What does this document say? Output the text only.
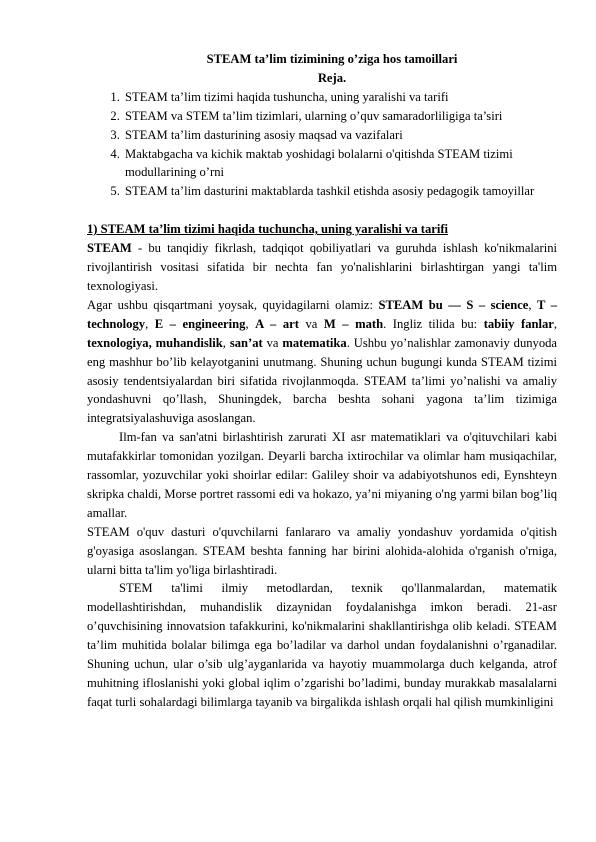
STEAM ta’lim tizimining o’ziga hos tamoillari
Reja.
1. STEAM ta’lim tizimi haqida tushuncha, uning yaralishi va tarifi
2. STEAM va STEM ta’lim tizimlari, ularning o’quv samaradorliligiga ta’siri
3. STEAM ta’lim dasturining asosiy maqsad va vazifalari
4. Maktabgacha va kichik maktab yoshidagi bolalarni o'qitishda STEAM tizimi modullarining o’rni
5. STEAM ta’lim dasturini maktablarda tashkil etishda asosiy pedagogik tamoyillar
1) STEAM ta’lim tizimi haqida tuchuncha, uning yaralishi va tarifi

STEAM - bu tanqidiy fikrlash, tadqiqot qobiliyatlari va guruhda ishlash ko'nikmalarini rivojlantirish vositasi sifatida bir nechta fan yo'nalishlarini birlashtirgan yangi ta'lim texnologiyasi.

Agar ushbu qisqartmani yoysak, quyidagilarni olamiz: STEAM bu — S – science, T – technology, E – engineering, A – art va M – math. Ingliz tilida bu: tabiiy fanlar, texnologiya, muhandislik, san’at va matematika. Ushbu yo’nalishlar zamonaviy dunyoda eng mashhur bo’lib kelayotganini unutmang. Shuning uchun bugungi kunda STEAM tizimi asosiy tendentsiyalardan biri sifatida rivojlanmoqda. STEAM ta’limi yo’nalishi va amaliy yondashuvni qo’llash, Shuningdek, barcha beshta sohani yagona ta’lim tizimiga integratsiyalashuviga asoslangan.

Ilm-fan va san'atni birlashtirish zarurati XI asr matematiklari va o'qituvchilari kabi mutafakkirlar tomonidan yozilgan. Deyarli barcha ixtirochilar va olimlar ham musiqachilar, rassomlar, yozuvchilar yoki shoirlar edilar: Galiley shoir va adabiyotshunos edi, Eynshteyn skripka chaldi, Morse portret rassomi edi va hokazo, ya’ni miyaning o'ng yarmi bilan bog’liq amallar.

STEAM o'quv dasturi o'quvchilarni fanlararo va amaliy yondashuv yordamida o'qitish g'oyasiga asoslangan. STEAM beshta fanning har birini alohida-alohida o'rganish o'rniga, ularni bitta ta'lim yo'liga birlashtiradi.

STEM ta'limi ilmiy metodlardan, texnik qo'llanmalardan, matematik modellashtirishdan, muhandislik dizaynidan foydalanishga imkon beradi. 21-asr o’quvchisining innovatsion tafakkurini, ko'nikmalarini shakllantirishga olib keladi. STEAM ta’lim muhitida bolalar bilimga ega bo’ladilar va darhol undan foydalanishni o’rganadilar. Shuning uchun, ular o’sib ulg’ayganlarida va hayotiy muammolarga duch kelganda, atrof muhitning ifloslanishi yoki global iqlim o’zgarishi bo’ladimi, bunday murakkab masalalarni faqat turli sohalardagi bilimlarga tayanib va birgalikda ishlash orqali hal qilish mumkinligini
